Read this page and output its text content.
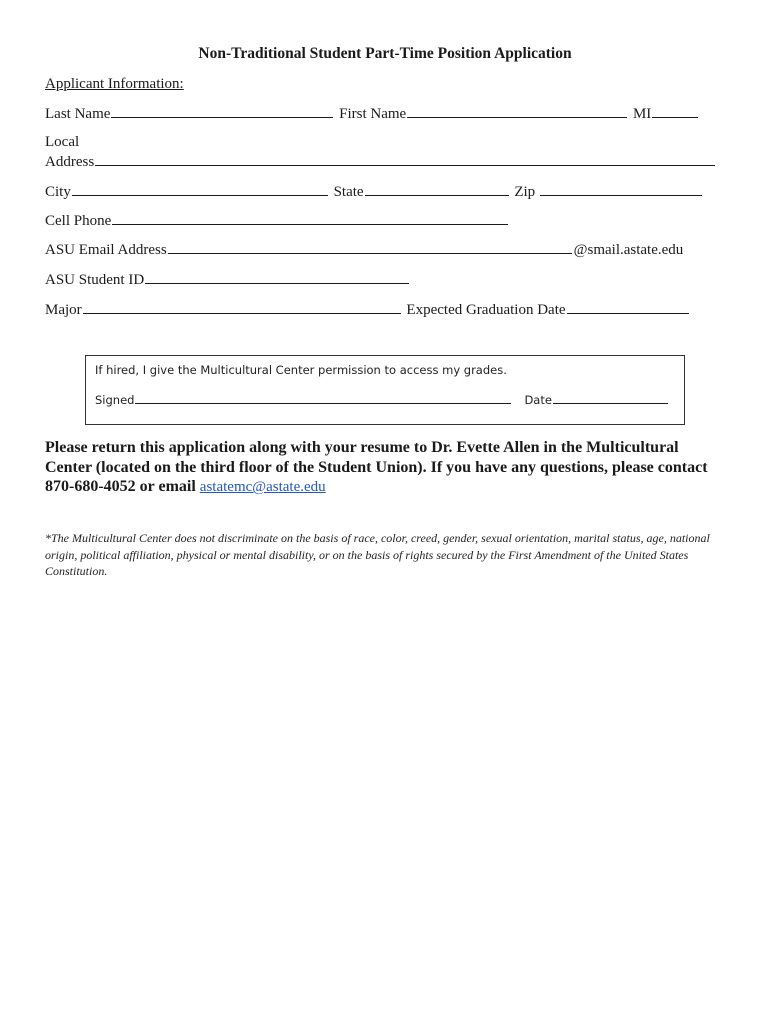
Non-Traditional Student Part-Time Position Application
Applicant Information:
Last Name	First Name	MI
Local
Address
City	State	Zip
Cell Phone
ASU Email Address	@smail.astate.edu
ASU Student ID
Major	Expected Graduation Date
If hired, I give the Multicultural Center permission to access my grades.
Signed	Date
Please return this application along with your resume to Dr. Evette Allen in the Multicultural Center (located on the third floor of the Student Union). If you have any questions, please contact 870-680-4052 or email astatemc@astate.edu
*The Multicultural Center does not discriminate on the basis of race, color, creed, gender, sexual orientation, marital status, age, national origin, political affiliation, physical or mental disability, or on the basis of rights secured by the First Amendment of the United States Constitution.
